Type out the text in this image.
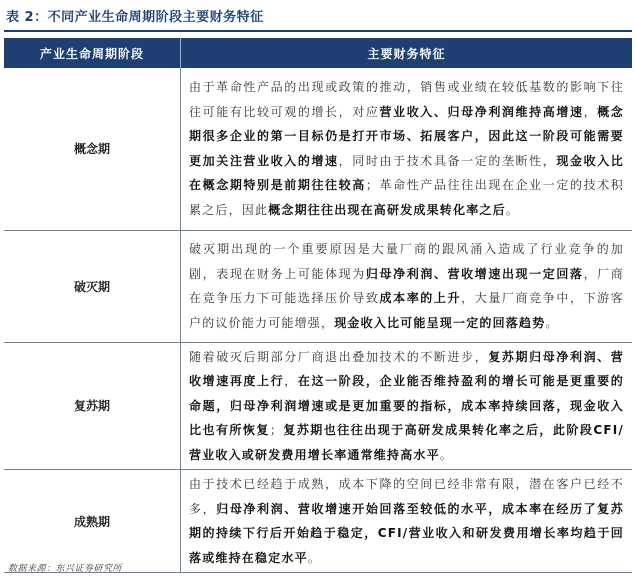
表 2：不同产业生命周期阶段主要财务特征
产业生命周期阶段	主要财务特征
概念期	由于革命性产品的出现或政策的推动，销售或业绩在较低基数的影响下往往可能有比较可观的增长，对应营业收入、归母净利润维持高增速，概念期很多企业的第一目标仍是打开市场、拓展客户，因此这一阶段可能需要更加关注营业收入的增速，同时由于技术具备一定的垄断性，现金收入比在概念期特别是前期往往较高；革命性产品往往出现在企业一定的技术积累之后，因此概念期往往出现在高研发成果转化率之后。
破灭期	破灭期出现的一个重要原因是大量厂商的跟风涌入造成了行业竞争的加剧，表现在财务上可能体现为归母净利润、营收增速出现一定回落，厂商在竞争压力下可能选择压价导致成本率的上升，大量厂商竞争中，下游客户的议价能力可能增强，现金收入比可能呈现一定的回落趋势。
复苏期	随着破灭后期部分厂商退出叠加技术的不断进步，复苏期归母净利润、营收增速再度上行，在这一阶段，企业能否维持盈利的增长可能是更重要的命题，归母净利润增速或是更加重要的指标，成本率持续回落，现金收入比也有所恢复；复苏期也往往出现于高研发成果转化率之后，此阶段CFI/营业收入或研发费用增长率通常维持高水平。
成熟期	由于技术已经趋于成熟，成本下降的空间已经非常有限，潜在客户已经不多，归母净利润、营收增速开始回落至较低的水平，成本率在经历了复苏期的持续下行后开始趋于稳定，CFI/营业收入和研发费用增长率均趋于回落或维持在稳定水平。
数据来源：东兴证券研究所
